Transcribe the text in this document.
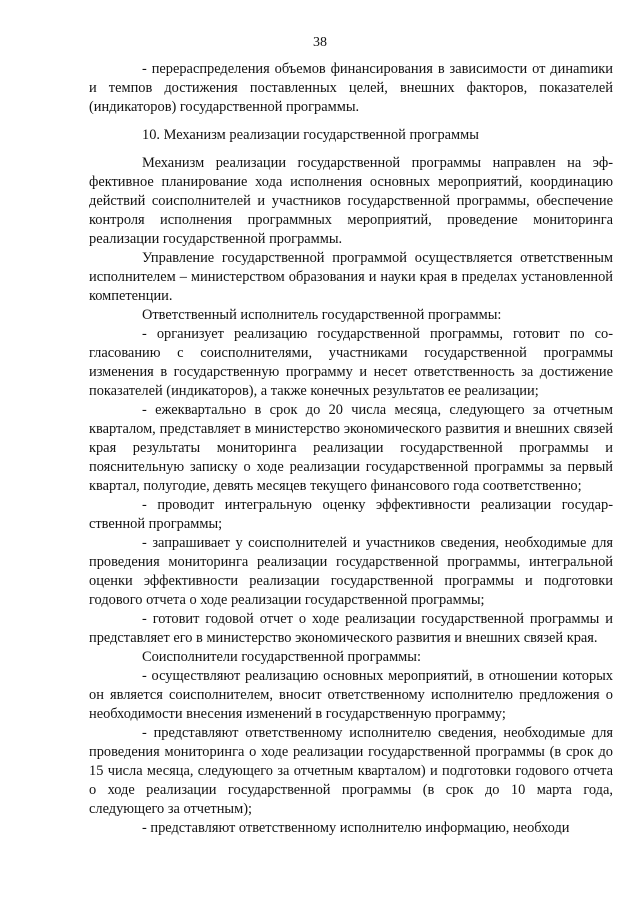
38

- перераспределения объемов финансирования в зависимости от динаmики и темпов достижения поставленных целей, внешних факторов, показателей (индикаторов) государственной программы.

10. Механизм реализации государственной программы

Механизм реализации государственной программы направлен на эффективное планирование хода исполнения основных мероприятий, координацию действий соисполнителей и участников государственной программы, обеспечение контроля исполнения программных мероприятий, проведение мониторинга реализации государственной программы.

Управление государственной программой осуществляется ответственным исполнителем – министерством образования и науки края в пределах установленной компетенции.

Ответственный исполнитель государственной программы:

- организует реализацию государственной программы, готовит по согласованию с соисполнителями, участниками государственной программы изменения в государственную программу и несет ответственность за достижение показателей (индикаторов), а также конечных результатов ее реализации;

- ежеквартально в срок до 20 числа месяца, следующего за отчетным кварталом, представляет в министерство экономического развития и внешних связей края результаты мониторинга реализации государственной программы и пояснительную записку о ходе реализации государственной программы за первый квартал, полугодие, девять месяцев текущего финансового года соответственно;

- проводит интегральную оценку эффективности реализации государственной программы;

- запрашивает у соисполнителей и участников сведения, необходимые для проведения мониторинга реализации государственной программы, интегральной оценки эффективности реализации государственной программы и подготовки годового отчета о ходе реализации государственной программы;

- готовит годовой отчет о ходе реализации государственной программы и представляет его в министерство экономического развития и внешних связей края.

Соисполнители государственной программы:

- осуществляют реализацию основных мероприятий, в отношении которых он является соисполнителем, вносит ответственному исполнителю предложения о необходимости внесения изменений в государственную программу;

- представляют ответственному исполнителю сведения, необходимые для проведения мониторинга о ходе реализации государственной программы (в срок до 15 числа месяца, следующего за отчетным кварталом) и подготовки годового отчета о ходе реализации государственной программы (в срок до 10 марта года, следующего за отчетным);

- представляют ответственному исполнителю информацию, необходи
